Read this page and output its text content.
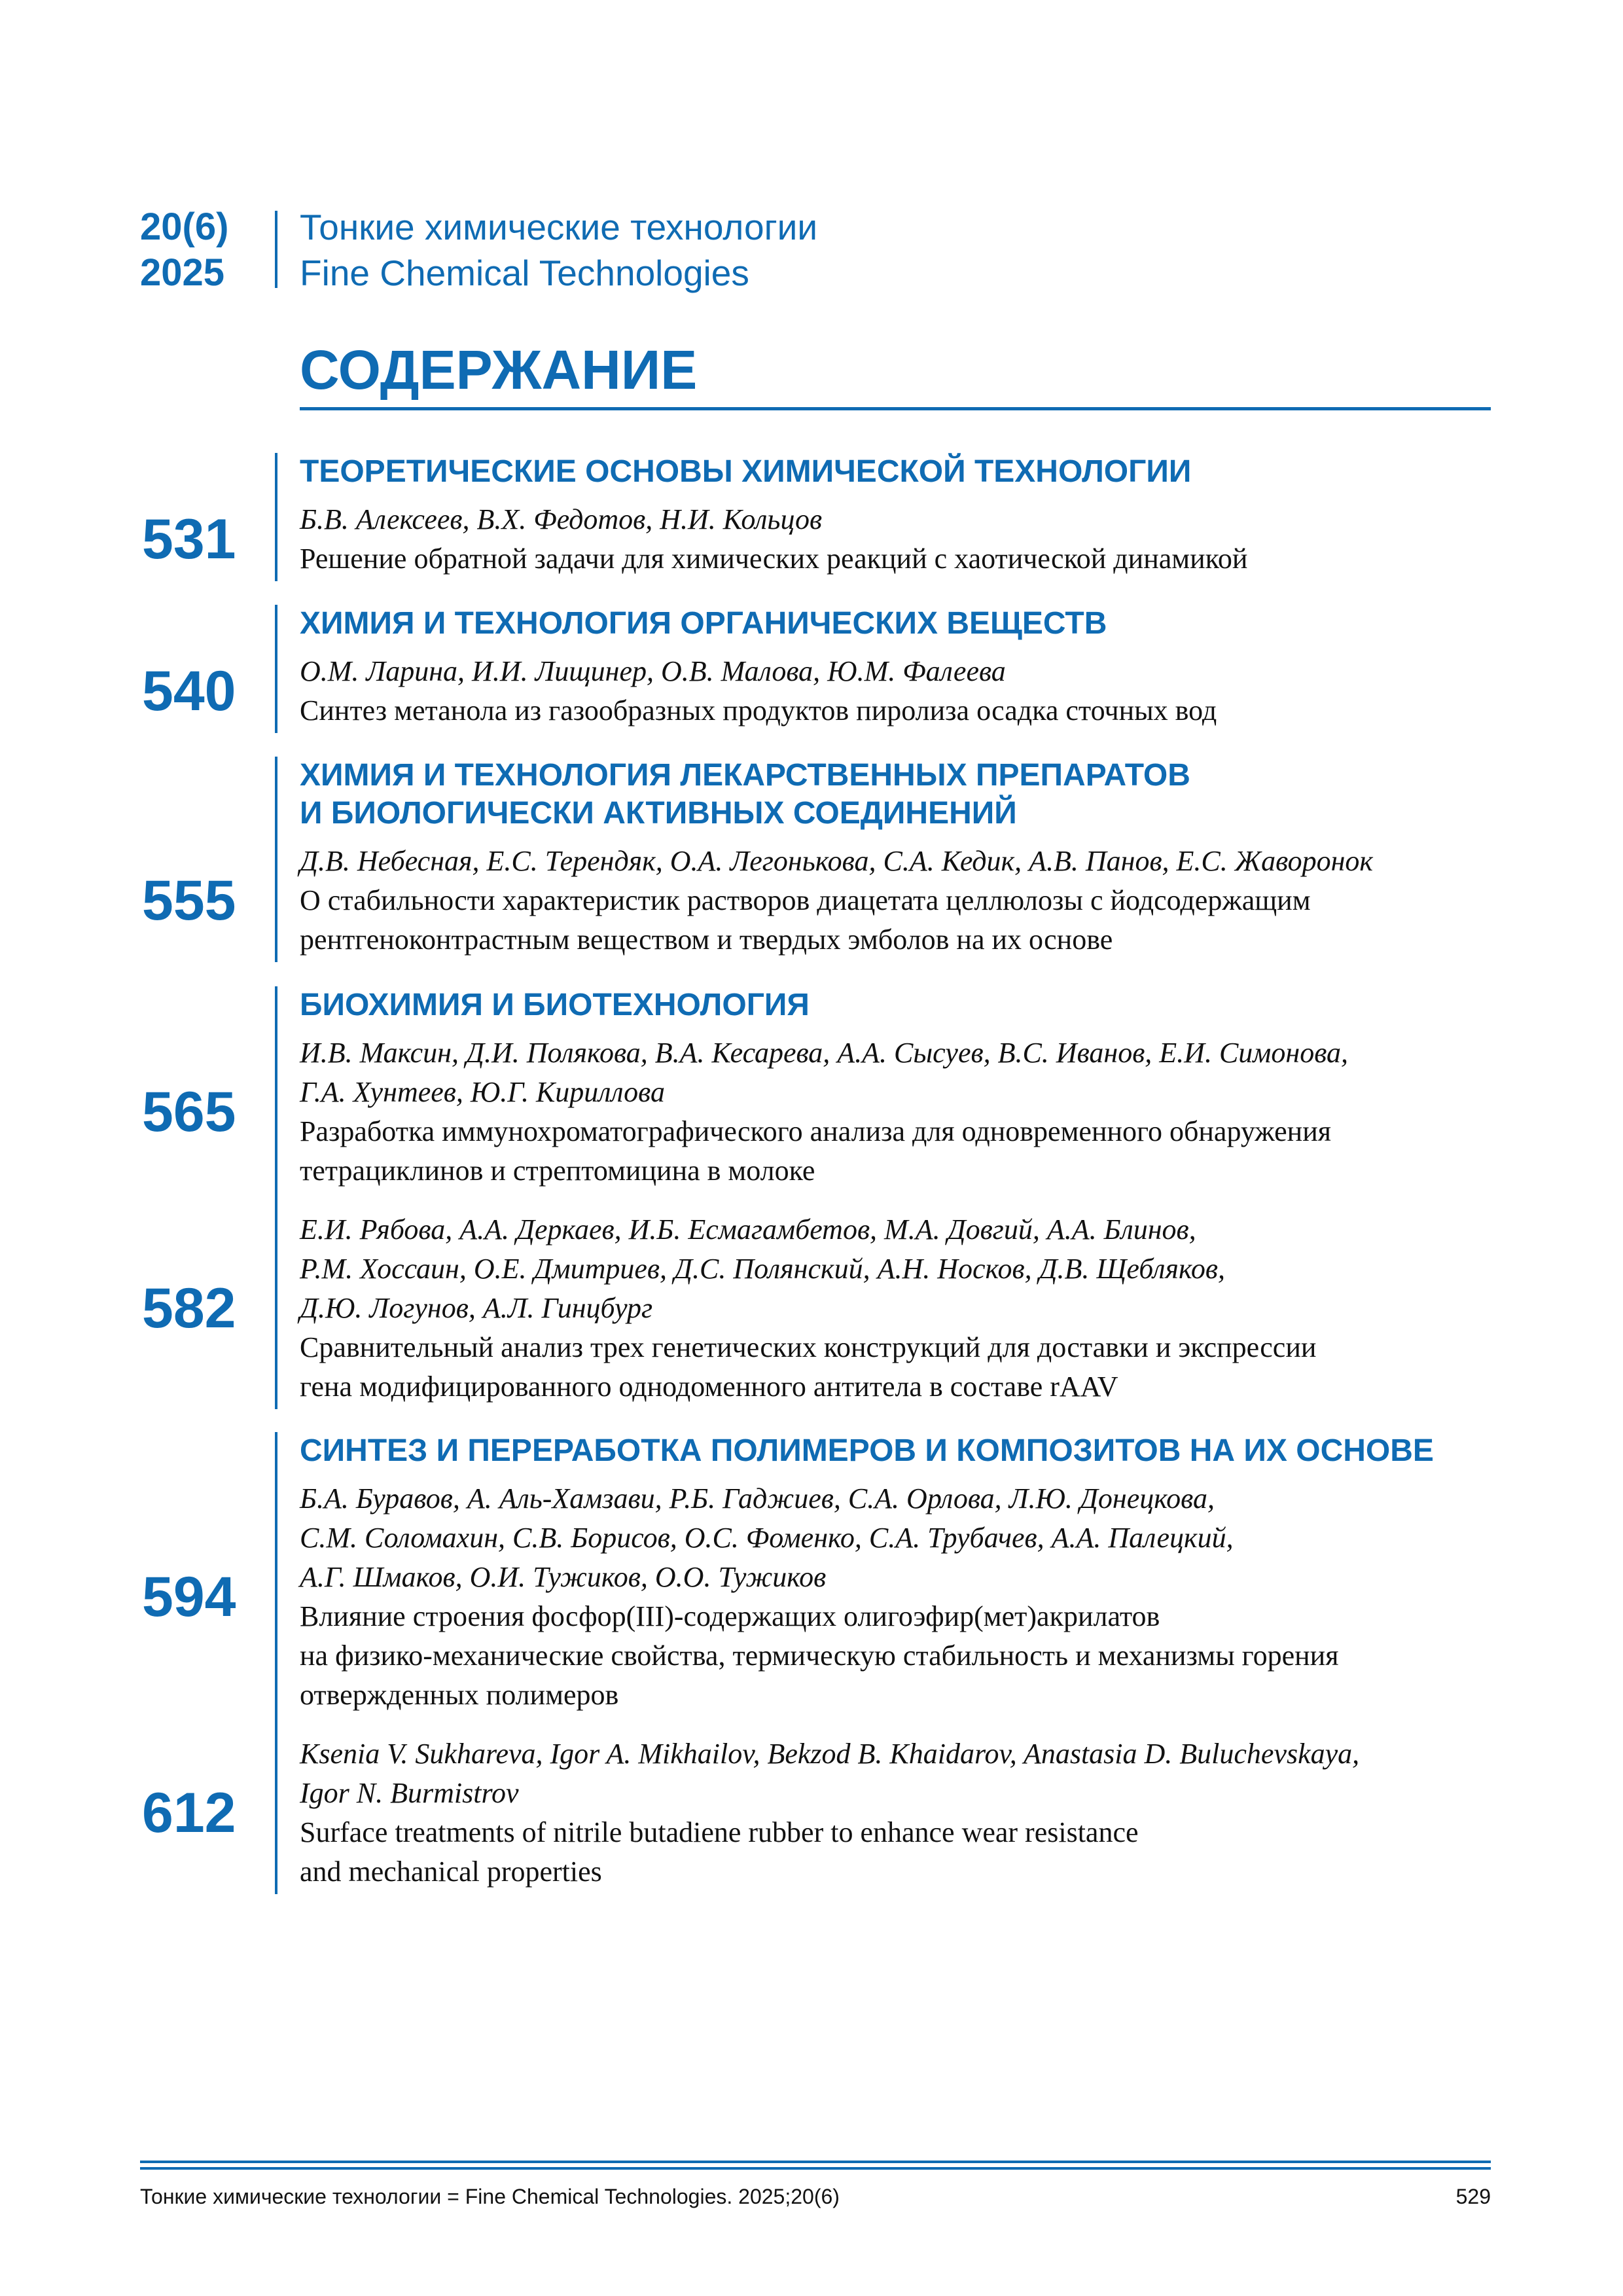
20(6)
2025
Тонкие химические технологии
Fine Chemical Technologies
СОДЕРЖАНИЕ
ТЕОРЕТИЧЕСКИЕ ОСНОВЫ ХИМИЧЕСКОЙ ТЕХНОЛОГИИ
531 Б.В. Алексеев, В.Х. Федотов, Н.И. Кольцов
Решение обратной задачи для химических реакций с хаотической динамикой
ХИМИЯ И ТЕХНОЛОГИЯ ОРГАНИЧЕСКИХ ВЕЩЕСТВ
540 О.М. Ларина, И.И. Лищинер, О.В. Малова, Ю.М. Фалеева
Синтез метанола из газообразных продуктов пиролиза осадка сточных вод
ХИМИЯ И ТЕХНОЛОГИЯ ЛЕКАРСТВЕННЫХ ПРЕПАРАТОВ
И БИОЛОГИЧЕСКИ АКТИВНЫХ СОЕДИНЕНИЙ
555
Д.В. Небесная, Е.С. Терендяк, О.А. Легонькова, С.А. Кедик, А.В. Панов, Е.С. Жаворонок
О стабильности характеристик растворов диацетата целлюлозы с йодсодержащим
рентгеноконтрастным веществом и твердых эмболов на их основе
БИОХИМИЯ И БИОТЕХНОЛОГИЯ
565
И.В. Максин, Д.И. Полякова, В.А. Кесарева, А.А. Сысуев, В.С. Иванов, Е.И. Симонова,
Г.А. Хунтеев, Ю.Г. Кириллова
Разработка иммунохроматографического анализа для одновременного обнаружения
тетрациклинов и стрептомицина в молоке
582
Е.И. Рябова, А.А. Деркаев, И.Б. Есмагамбетов, М.А. Довгий, А.А. Блинов,
Р.М. Хоссаин, О.Е. Дмитриев, Д.С. Полянский, А.Н. Носков, Д.В. Щебляков,
Д.Ю. Логунов, А.Л. Гинцбург
Сравнительный анализ трех генетических конструкций для доставки и экспрессии
гена модифицированного однодоменного антитела в составе rAAV
СИНТЕЗ И ПЕРЕРАБОТКА ПОЛИМЕРОВ И КОМПОЗИТОВ НА ИХ ОСНОВЕ
594
Б.А. Буравов, А. Аль-Хамзави, Р.Б. Гаджиев, С.А. Орлова, Л.Ю. Донецкова,
С.М. Соломахин, С.В. Борисов, О.С. Фоменко, С.А. Трубачев, А.А. Палецкий,
А.Г. Шмаков, О.И. Тужиков, О.О. Тужиков
Влияние строения фосфор(III)-содержащих олигоэфир(мет)акрилатов
на физико-механические свойства, термическую стабильность и механизмы горения
отвержденных полимеров
612
Ksenia V. Sukhareva, Igor A. Mikhailov, Bekzod B. Khaidarov, Anastasia D. Buluchevskaya,
Igor N. Burmistrov
Surface treatments of nitrile butadiene rubber to enhance wear resistance
and mechanical properties
Тонкие химические технологии = Fine Chemical Technologies. 2025;20(6)	529
